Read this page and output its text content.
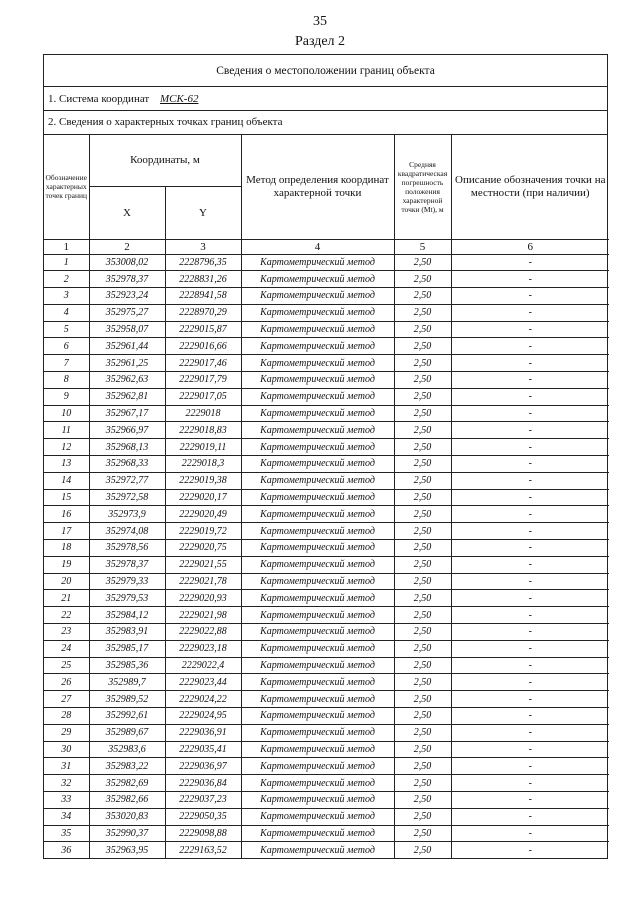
35
Раздел 2
Сведения о местоположении границ объекта
1. Система координат МСК-62
2. Сведения о характерных точках границ объекта
Обозначение характерных точек границ	Координаты, м		Метод определения координат характерной точки	Средняя квадратическая погрешность положения характерной точки (Mt), м	Описание обозначения точки на местности (при наличии)
	X	Y			
1	2	3	4	5	6
1	353008,02	2228796,35	Картометрический метод	2,50	-
2	352978,37	2228831,26	Картометрический метод	2,50	-
3	352923,24	2228941,58	Картометрический метод	2,50	-
4	352975,27	2228970,29	Картометрический метод	2,50	-
5	352958,07	2229015,87	Картометрический метод	2,50	-
6	352961,44	2229016,66	Картометрический метод	2,50	-
7	352961,25	2229017,46	Картометрический метод	2,50	-
8	352962,63	2229017,79	Картометрический метод	2,50	-
9	352962,81	2229017,05	Картометрический метод	2,50	-
10	352967,17	2229018	Картометрический метод	2,50	-
11	352966,97	2229018,83	Картометрический метод	2,50	-
12	352968,13	2229019,11	Картометрический метод	2,50	-
13	352968,33	2229018,3	Картометрический метод	2,50	-
14	352972,77	2229019,38	Картометрический метод	2,50	-
15	352972,58	2229020,17	Картометрический метод	2,50	-
16	352973,9	2229020,49	Картометрический метод	2,50	-
17	352974,08	2229019,72	Картометрический метод	2,50	-
18	352978,56	2229020,75	Картометрический метод	2,50	-
19	352978,37	2229021,55	Картометрический метод	2,50	-
20	352979,33	2229021,78	Картометрический метод	2,50	-
21	352979,53	2229020,93	Картометрический метод	2,50	-
22	352984,12	2229021,98	Картометрический метод	2,50	-
23	352983,91	2229022,88	Картометрический метод	2,50	-
24	352985,17	2229023,18	Картометрический метод	2,50	-
25	352985,36	2229022,4	Картометрический метод	2,50	-
26	352989,7	2229023,44	Картометрический метод	2,50	-
27	352989,52	2229024,22	Картометрический метод	2,50	-
28	352992,61	2229024,95	Картометрический метод	2,50	-
29	352989,67	2229036,91	Картометрический метод	2,50	-
30	352983,6	2229035,41	Картометрический метод	2,50	-
31	352983,22	2229036,97	Картометрический метод	2,50	-
32	352982,69	2229036,84	Картометрический метод	2,50	-
33	352982,66	2229037,23	Картометрический метод	2,50	-
34	353020,83	2229050,35	Картометрический метод	2,50	-
35	352990,37	2229098,88	Картометрический метод	2,50	-
36	352963,95	2229163,52	Картометрический метод	2,50	-
